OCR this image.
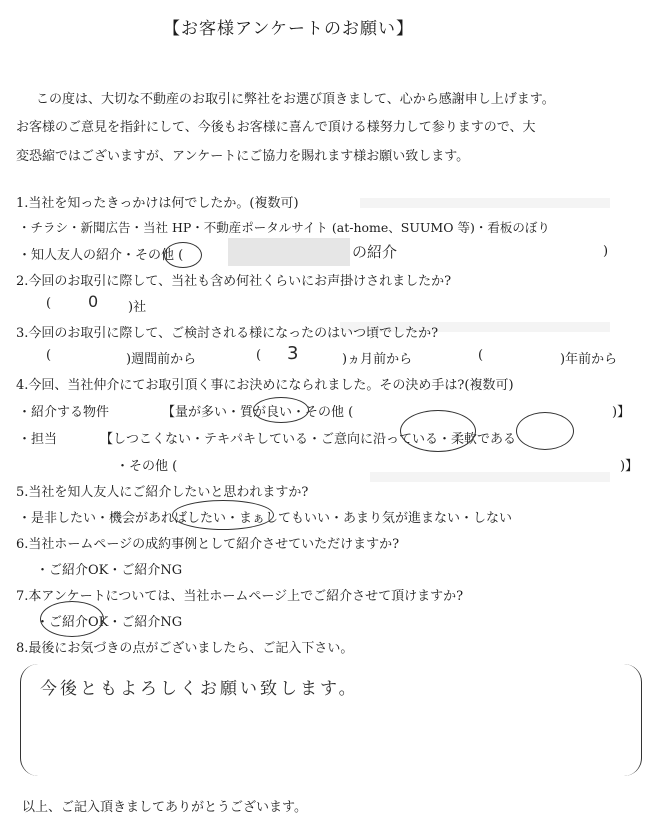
【お客様アンケートのお願い】
この度は、大切な不動産のお取引に弊社をお選び頂きまして、心から感謝申し上げます。
お客様のご意見を指針にして、今後もお客様に喜んで頂ける様努力して参りますので、大
変恐縮ではございますが、アンケートにご協力を賜れます様お願い致します。
1.当社を知ったきっかけは何でしたか。(複数可)
・チラシ・新聞広告・当社 HP・不動産ポータルサイト (at-home、SUUMO 等)・看板のぼり
・知人友人の紹介・その他 (	の紹介	)
2.今回のお取引に際して、当社も含め何社くらいにお声掛けされましたか?
( 0 )社
3.今回のお取引に際して、ご検討される様になったのはいつ頃でしたか?
(	)週間前から	( 3	)ヵ月前から	(	)年前から
4.今回、当社仲介にてお取引頂く事にお決めになられました。その決め手は?(複数可)
・紹介する物件	【量が多い・質が良い・その他 (	)】
・担当	【しつこくない・テキパキしている・ご意向に沿っている・柔軟である
・その他 (	)】
5.当社を知人友人にご紹介したいと思われますか?
・是非したい・機会があればしたい・まぁしてもいい・あまり気が進まない・しない
6.当社ホームページの成約事例として紹介させていただけますか?
・ご紹介OK・ご紹介NG
7.本アンケートについては、当社ホームページ上でご紹介させて頂けますか?
・ご紹介OK・ご紹介NG
8.最後にお気づきの点がございましたら、ご記入下さい。
今後ともよろしくお願い致します。
以上、ご記入頂きましてありがとうございます。
